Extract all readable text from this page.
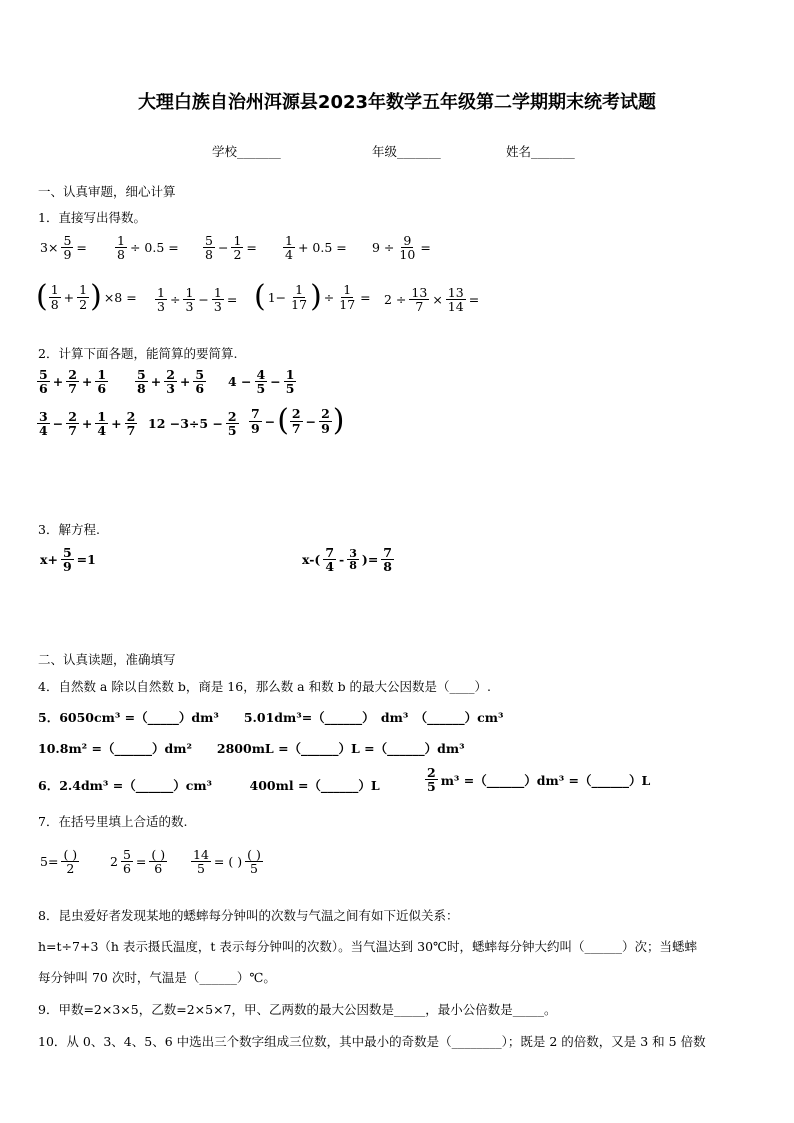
大理白族自治州洱源县2023年数学五年级第二学期期末统考试题
学校_______	年级_______	姓名_______
一、认真审题，细心计算
1．直接写出得数。
$3\times \frac{5}{9} = \frac{1}{8} \div 0.5 = \frac{5}{8} - \frac{1}{2} = \frac{1}{4} + 0.5 = 9 \div \frac{9}{10}$ =
( $\frac{1}{8} + \frac{1}{2}$ ) $\times 8 = \frac{1}{3} \div \frac{1}{3} - \frac{1}{3}$ = ( $1- \frac{1}{17}$ ) ÷ $\frac{1}{17} = 2 \div \frac{13}{7} \times \frac{13}{14}$ =
2．计算下面各题，能简算的要简算.
$\frac{5}{6} + \frac{2}{7} + \frac{1}{6} \frac{5}{8} + \frac{2}{3} + \frac{5}{6} 4 - \frac{4}{5} - \frac{1}{5}$
$\frac{3}{4} - \frac{2}{7} + \frac{1}{4} + \frac{2}{7} 12 -3\div 5 - \frac{2}{5} \frac{7}{9}$ −( $\frac{2}{7} - \frac{2}{9}$ )
3．解方程.
$x+ \frac{5}{9} =1$	$x-( \frac{7}{4} - \frac{3}{8}$ )= $\frac{7}{8}$
二、认真读题，准确填写
4．自然数 a 除以自然数 b，商是 16，那么数 a 和数 b 的最大公因数是（____）.
5．6050cm³ =（_____）dm³　　5.01dm³=（______）　dm³　（______）cm³
10.8m² =（______）dm²　　2800mL =（______）L =（______）dm³
6．2.4dm³ =（______）cm³　　　400ml =（______）L	$\frac{2}{5} m^3$ =（______）dm³ =（______）L
7．在括号里填上合适的数.
$5= \frac{( )}{2} 2 \frac{5}{6} = \frac{( )}{6} \frac{14}{5}$ = ( ) $\frac{( )}{5}$
8．昆虫爱好者发现某地的蟋蟀每分钟叫的次数与气温之间有如下近似关系：
h=t÷7+3（h 表示摄氏温度，t 表示每分钟叫的次数）。当气温达到 30℃时，蟋蟀每分钟大约叫（______）次；当蟋蟀
每分钟叫 70 次时，气温是（______）℃。
9．甲数=2×3×5，乙数=2×5×7，甲、乙两数的最大公因数是_____，最小公倍数是_____。
10．从 0、3、4、5、6 中选出三个数字组成三位数，其中最小的奇数是（________）；既是 2 的倍数，又是 3 和 5 倍数
